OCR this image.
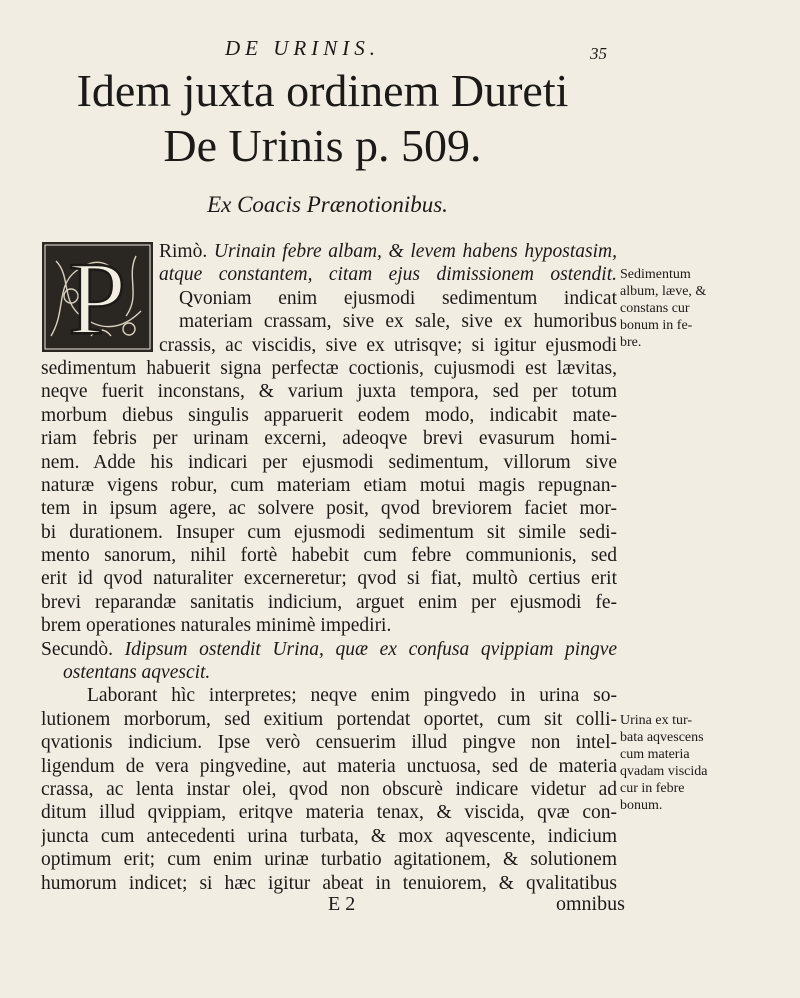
DE URINIS.	35
Idem juxta ordinem Dureti
De Urinis p. 509.
Ex Coacis Prænotionibus.
P	Rimò. Urinain febre albam, & levem habens hypostasim,
atque constantem, citam ejus dimissionem ostendit.
Qvoniam enim ejusmodi sedimentum indicat
materiam crassam, sive ex sale, sive ex humoribus
crassis, ac viscidis, sive ex utrisqve; si igitur ejusmodi
sedimentum habuerit signa perfectæ coctionis, cujusmodi est lævitas,
neqve fuerit inconstans, & varium juxta tempora, sed per totum
morbum diebus singulis apparuerit eodem modo, indicabit mate-
riam febris per urinam excerni, adeoqve brevi evasurum homi-
nem. Adde his indicari per ejusmodi sedimentum, villorum sive
naturæ vigens robur, cum materiam etiam motui magis repugnan-
tem in ipsum agere, ac solvere posit, qvod breviorem faciet mor-
bi durationem. Insuper cum ejusmodi sedimentum sit simile sedi-
mento sanorum, nihil fortè habebit cum febre communionis, sed
erit id qvod naturaliter excerneretur; qvod si fiat, multò certius erit
brevi reparandæ sanitatis indicium, arguet enim per ejusmodi fe-
brem operationes naturales minimè impediri.
Secundò. Idipsum ostendit Urina, quæ ex confusa qvippiam pingve
ostentans aqvescit.
Laborant hìc interpretes; neqve enim pingvedo in urina so-
lutionem morborum, sed exitium portendat oportet, cum sit colli-
qvationis indicium. Ipse verò censuerim illud pingve non intel-
ligendum de vera pingvedine, aut materia unctuosa, sed de materia
crassa, ac lenta instar olei, qvod non obscurè indicare videtur ad
ditum illud qvippiam, eritqve materia tenax, & viscida, qvæ con-
juncta cum antecedenti urina turbata, & mox aqvescente, indicium
optimum erit; cum enim urinæ turbatio agitationem, & solutionem
humorum indicet; si hæc igitur abeat in tenuiorem, & qvalitatibus
Sedimentum
album, læve, &
constans cur
bonum in fe-
bre.
Urina ex tur-
bata aqvescens
cum materia
qvadam viscida
cur in febre
bonum.
E 2	omnibus
